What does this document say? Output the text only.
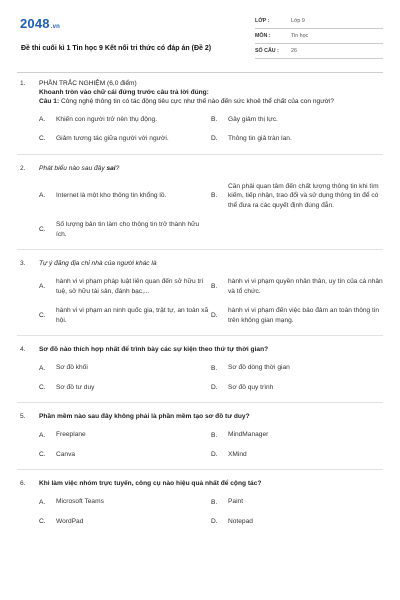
2048.vn
Đề thi cuối kì 1 Tin học 9 Kết nối tri thức có đáp án (Đề 2)
LỚP :	Lớp 9
MÔN :	Tin học
SỐ CÂU :	26
1. PHẦN TRẮC NGHIỆM (6,0 điểm)
Khoanh tròn vào chữ cái đứng trước câu trả lời đúng:
Câu 1: Công nghệ thông tin có tác động tiêu cực như thế nào đến sức khoẻ thể chất của con người?
A.	Khiến con người trở nên thụ động.	B.	Gây giảm thị lực.
C.	Giảm tương tác giữa người với người.	D.	Thông tin giả tràn lan.
2. Phát biểu nào sau đây sai?
A.	Internet là một kho thông tin khổng lồ.	B.
Cần phải quan tâm đến chất lượng thông tin khi tìm kiếm, tiếp nhận, trao đổi và sử dụng thông tin để có thể đưa ra các quyết định đúng đắn.
C.
Số lượng bản tin làm cho thông tin trở thành hữu ích.
3. Tự ý đăng địa chỉ nhà của người khác là
A.
hành vi vi phạm pháp luật liên quan đến sở hữu trí tuệ, sở hữu tài sản, đánh bạc,...
B.
hành vi vi phạm quyền nhân thân, uy tín của cá nhân và tổ chức.
C.
hành vi vi phạm an ninh quốc gia, trật tự, an toàn xã hội.
D.
hành vi vi phạm đến việc bảo đảm an toàn thông tin trên không gian mạng.
4. Sơ đồ nào thích hợp nhất để trình bày các sự kiện theo thứ tự thời gian?
A.	Sơ đồ khối	B.	Sơ đồ dòng thời gian
C.	Sơ đồ tư duy	D.	Sơ đồ quy trình
5. Phần mềm nào sau đây không phải là phần mềm tạo sơ đồ tư duy?
A.	Freeplane	B.	MindManager
C.	Canva	D.	XMind
6. Khi làm việc nhóm trực tuyến, công cụ nào hiệu quả nhất để cộng tác?
A.	Microsoft Teams	B.	Paint
C.	WordPad	D.	Notepad
